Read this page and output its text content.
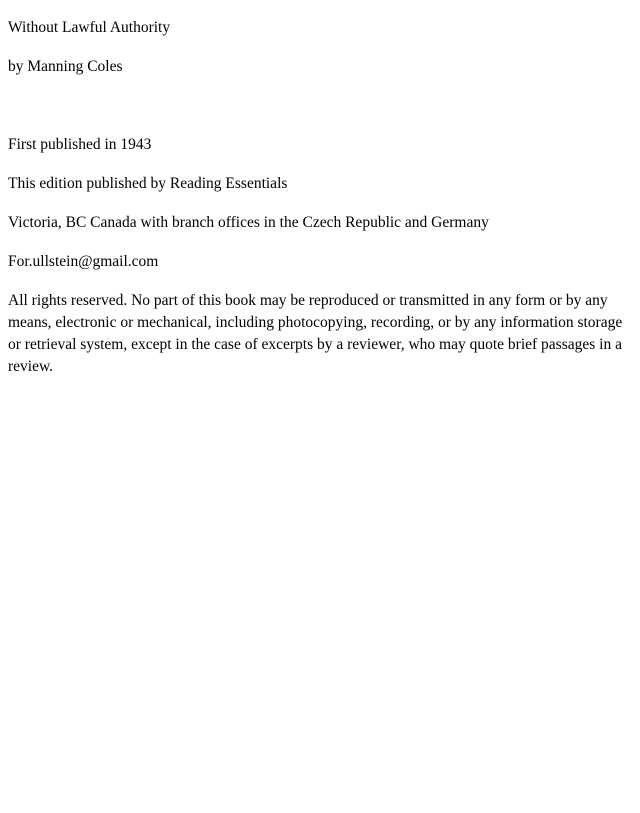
Without Lawful Authority

by Manning Coles

First published in 1943

This edition published by Reading Essentials

Victoria, BC Canada with branch offices in the Czech Republic and Germany

For.ullstein@gmail.com

All rights reserved. No part of this book may be reproduced or transmitted in any form or by any means, electronic or mechanical, including photocopying, recording, or by any information storage or retrieval system, except in the case of excerpts by a reviewer, who may quote brief passages in a review.
